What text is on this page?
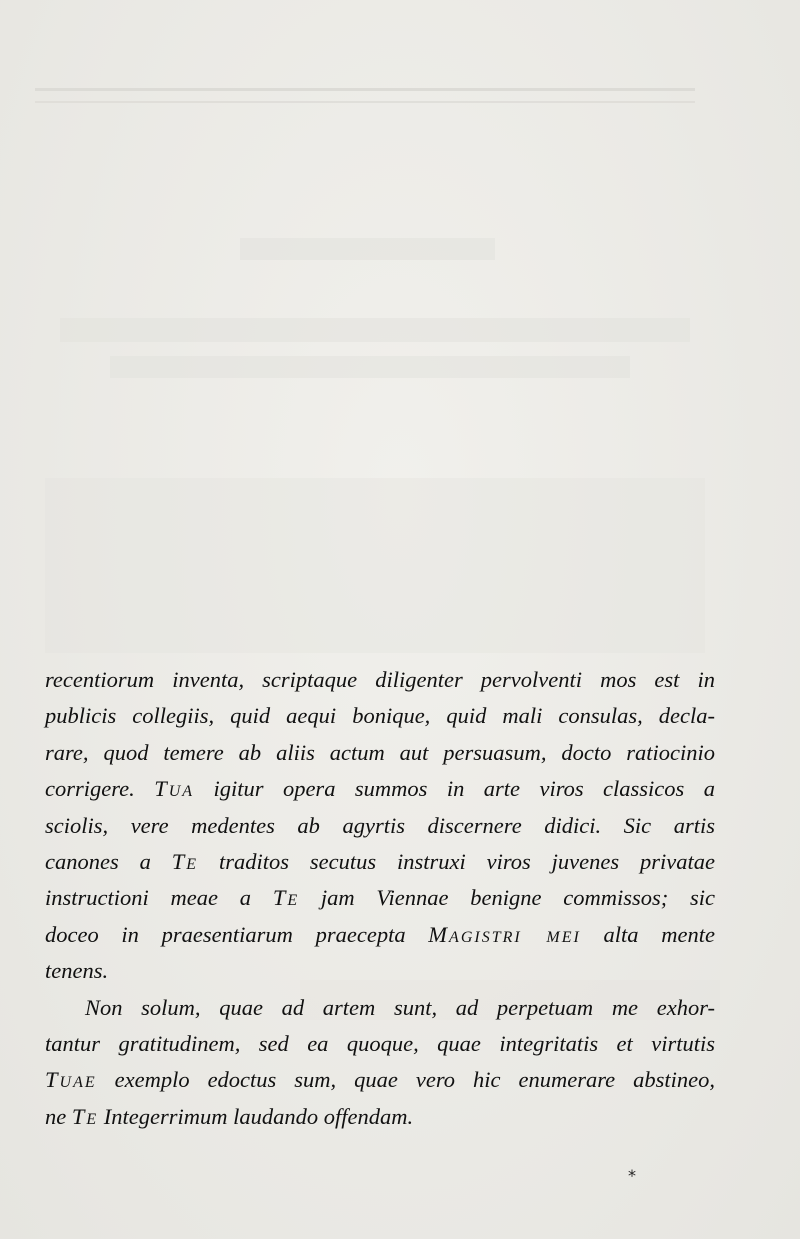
recentiorum inventa, scriptaque diligenter pervolventi mos est in
publicis collegiis, quid aequi bonique, quid mali consulas, decla-
rare, quod temere ab aliis actum aut persuasum, docto ratiocinio
corrigere. Tua igitur opera summos in arte viros classicos a
sciolis, vere medentes ab agyrtis discernere didici. Sic artis
canones a Te traditos secutus instruxi viros juvenes privatae
instructioni meae a Te jam Viennae benigne commissos; sic
doceo in praesentiarum praecepta Magistri mei alta mente
tenens.
Non solum, quae ad artem sunt, ad perpetuam me exhor-
tantur gratitudinem, sed ea quoque, quae integritatis et virtutis
Tuae exemplo edoctus sum, quae vero hic enumerare abstineo,
ne Te Integerrimum laudando offendam.
*
